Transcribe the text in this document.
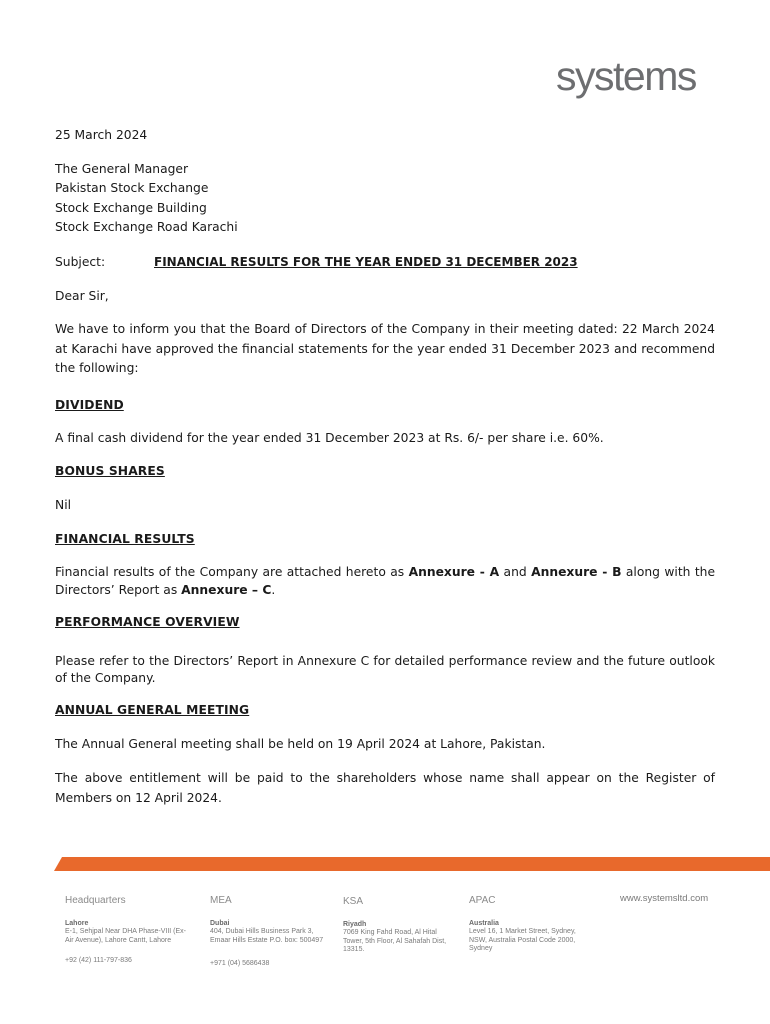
systems

25 March 2024

The General Manager
Pakistan Stock Exchange
Stock Exchange Building
Stock Exchange Road Karachi

Subject:	FINANCIAL RESULTS FOR THE YEAR ENDED 31 DECEMBER 2023

Dear Sir,

We have to inform you that the Board of Directors of the Company in their meeting dated: 22 March 2024 at Karachi have approved the financial statements for the year ended 31 December 2023 and recommend the following:

DIVIDEND

A final cash dividend for the year ended 31 December 2023 at Rs. 6/- per share i.e. 60%.

BONUS SHARES

Nil

FINANCIAL RESULTS

Financial results of the Company are attached hereto as Annexure - A and Annexure - B along with the Directors’ Report as Annexure – C.

PERFORMANCE OVERVIEW

Please refer to the Directors’ Report in Annexure C for detailed performance review and the future outlook of the Company.

ANNUAL GENERAL MEETING

The Annual General meeting shall be held on 19 April 2024 at Lahore, Pakistan.

The above entitlement will be paid to the shareholders whose name shall appear on the Register of Members on 12 April 2024.

Headquarters
Lahore
E-1, Sehjpal Near DHA Phase-VIII (Ex-Air Avenue), Lahore Cantt, Lahore
+92 (42) 111-797-836
MEA
Dubai
404, Dubai Hills Business Park 3, Emaar Hills Estate P.O. box: 500497
+971 (04) 5686438
KSA
Riyadh
7069 King Fahd Road, Al Hital Tower, 5th Floor, Al Sahafah Dist, 13315.
APAC
Australia
Level 16, 1 Market Street, Sydney, NSW, Australia Postal Code 2000, Sydney
www.systemsltd.com
